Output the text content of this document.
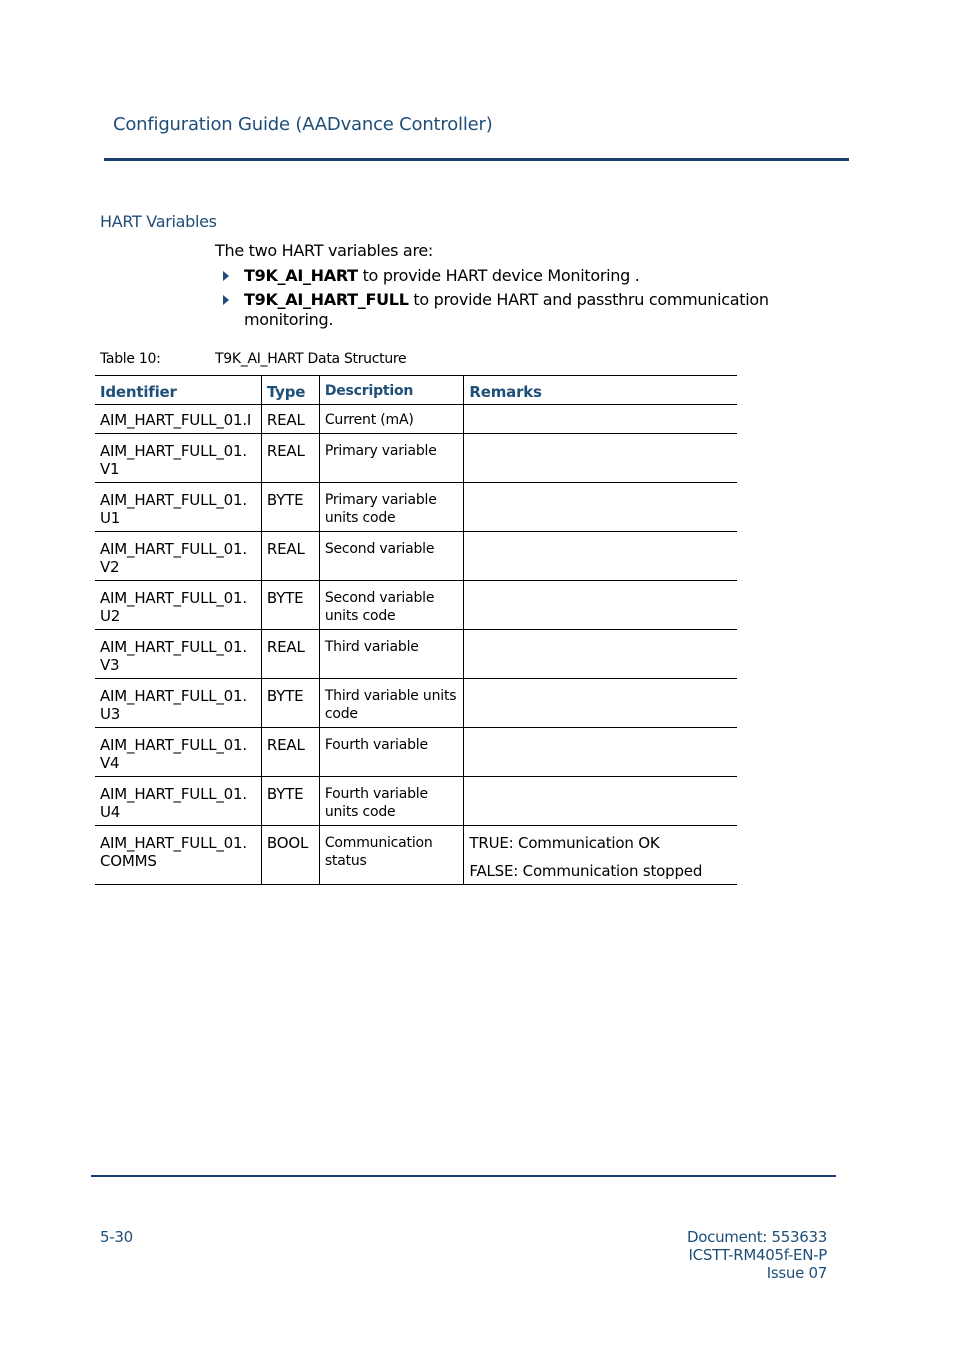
Configuration Guide (AADvance Controller)
HART Variables
The two HART variables are:
T9K_AI_HART to provide HART device Monitoring .
T9K_AI_HART_FULL to provide HART and passthru communication monitoring.
Table 10:	T9K_AI_HART Data Structure
Identifier	Type	Description	Remarks
AIM_HART_FULL_01.I	REAL	Current (mA)	
AIM_HART_FULL_01.
V1	REAL	Primary variable	
AIM_HART_FULL_01.
U1	BYTE	Primary variable units code	
AIM_HART_FULL_01.
V2	REAL	Second variable	
AIM_HART_FULL_01.
U2	BYTE	Second variable units code	
AIM_HART_FULL_01.
V3	REAL	Third variable	
AIM_HART_FULL_01.
U3	BYTE	Third variable units code	
AIM_HART_FULL_01.
V4	REAL	Fourth variable	
AIM_HART_FULL_01.
U4	BYTE	Fourth variable units code	
AIM_HART_FULL_01.
COMMS	BOOL	Communication status	TRUE: Communication OK
FALSE: Communication stopped
5-30	Document: 553633
ICSTT-RM405f-EN-P
Issue 07
